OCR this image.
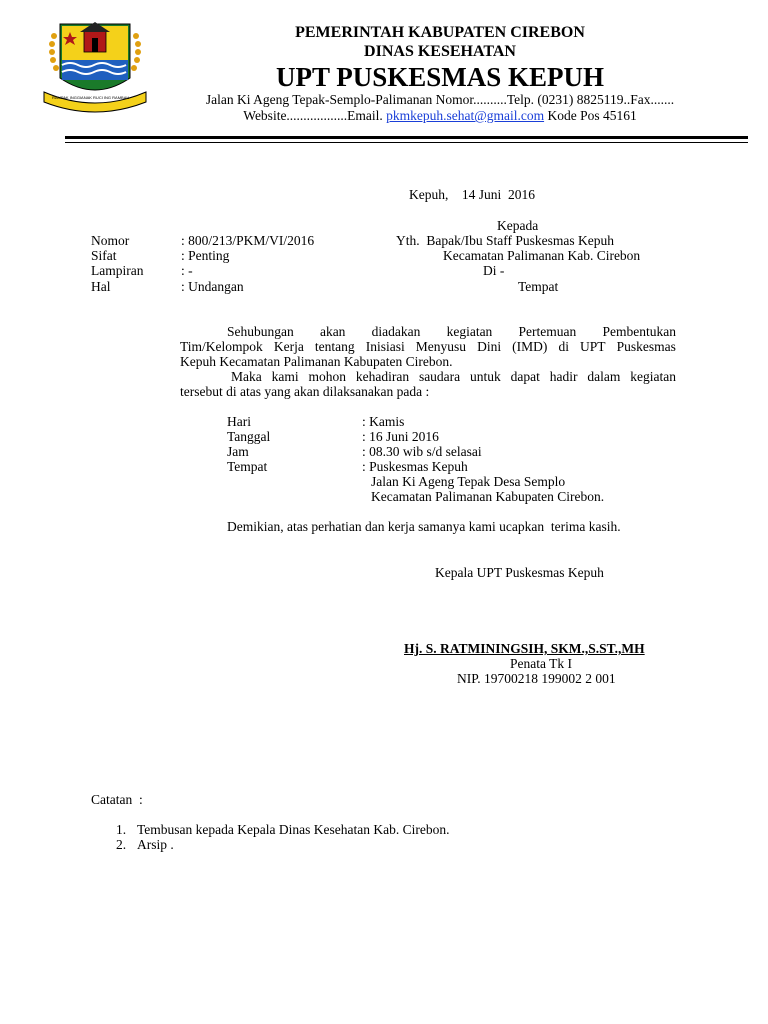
RAMPAK INGGIANAK RUCI ING RAMBAH
PEMERINTAH KABUPATEN CIREBON
DINAS KESEHATAN
UPT PUSKESMAS KEPUH
Jalan Ki Ageng Tepak-Semplo-Palimanan Nomor..........Telp. (0231) 8825119..Fax.......
Website..................Email. pkmkepuh.sehat@gmail.com Kode Pos 45161
Kepuh,    14 Juni  2016
Kepada
Yth.  Bapak/Ibu Staff Puskesmas Kepuh
Kecamatan Palimanan Kab. Cirebon
Di -
Tempat
Nomor	: 800/213/PKM/VI/2016
Sifat	: Penting
Lampiran	: -
Hal	: Undangan
Sehubungan akan diadakan kegiatan Pertemuan Pembentukan
Tim/Kelompok Kerja tentang Inisiasi Menyusu Dini (IMD) di UPT Puskesmas
Kepuh Kecamatan Palimanan Kabupaten Cirebon.
Maka kami mohon kehadiran saudara untuk dapat hadir dalam kegiatan
tersebut di atas yang akan dilaksanakan pada :
Hari	: Kamis
Tanggal	: 16 Juni 2016
Jam	: 08.30 wib s/d selasai
Tempat	: Puskesmas Kepuh
Jalan Ki Ageng Tepak Desa Semplo
Kecamatan Palimanan Kabupaten Cirebon.
Demikian, atas perhatian dan kerja samanya kami ucapkan  terima kasih.
Kepala UPT Puskesmas Kepuh
Hj. S. RATMININGSIH, SKM.,S.ST.,MH
Penata Tk I
NIP. 19700218 199002 2 001
Catatan  :
1. Tembusan kepada Kepala Dinas Kesehatan Kab. Cirebon.
2. Arsip .
